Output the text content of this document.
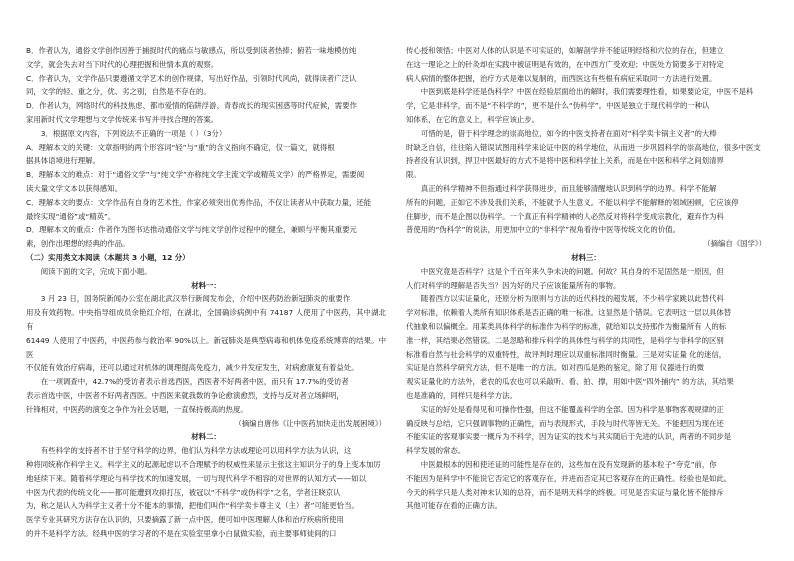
B．作者认为，通俗文学创作因善于捕捉时代的痛点与敏感点，所以受到读者热捧；俯若一味地模仿纯

文学，就会失去对当下时代的心理把握和世情本真的观察。

C．作者认为，文学作品只要遵循文学艺术的创作规律，写出好作品，引领时代风尚，就得读者广泛认

同，文学的轻、重之分，优、劣之别，自然是不存在的。

D．作者认为，网络时代的科技焦虑、都市爱情的陷阱浮游、青春成长的现实困惑等时代症候，需要作

家用新时代文学理想与文学传统来书写并寻找合理的答案。

3．根据原文内容，下列说法不正确的一项是（ ）（3分）

A．理解本文的关键：文章指明的两个形容词“轻”与“重”的含义指向不确定，仅一篇文，就得根

据具体语境进行理解。

B．理解本文的难点：对于“通俗文学”与“纯文学”亦称纯文学主流文学或精英文学）的严格界定，需要阅

读大量文学文本以获得感知。

C．理解本文的要点：文学作品有自身的艺术性，作家必须突出优秀作品，不仅让读者从中获取力量，还能

最终实现“通俗”或“精英”。

D．理解本文的重点：作者作为图书达推动通俗文学与纯文学创作过程中的健全，兼顾与平衡其重要元

素，创作出理想的经典的作品。

（二）实用类文本阅读（本题共 3 小题，12 分）

阅读下面的文字，完成下面小题。

材料一：

3 月 23 日，国务院新闻办公室在湖北武汉举行新闻发布会，介绍中医药防治新冠肺炎的重要作

用及有效药物。中央指导组成员余艳红介绍，在湖北，全国确诊病例中有 74187 人使用了中医药，其中湖北有

61449 人使用了中医药，中医药参与救治率 90%以上。新冠肺炎是典型病毒和机体免疫系统博弈的结果。中医

不仅能有效治疗病毒，还可以通过对机体的调理提高免疫力，减少并发症发生，对病愈康复有着益处。

在一项调查中，42.7%的受访者表示首选西医，西医者不好两者中医，而只有 17.7%的受访者

表示首选中医，中医者不好两者西医。中西医来就我数的争论愈演愈烈，支持与反对者立场鲜明，

针锋相对，中医药的演变之争作为社会话题，一直保持极高的热度。

（摘编自唐伟《让中医药加快走出发展困境》）

材料二：

有些科学的支持者不甘于坚守科学的边界，他们认为科学方法或理论可以用科学方法为认识，这

种将同统称作科学主义。科学主义的起源起虑以不合理赋予的权威性来显示主张这主知识分子的身上变本加厉

地延续下来。随着科学理论与科学技术的加速发展，一切与现代科学不相容的对世界的认知方式——如以

中医为代表的传统文化——都可能遭到攻抑打压，被冠以“不科学”或伪科学”之名，学者汪晓京认

为，称之是认入为科学主义者十分不能本的事情，把他们叫作“科学卖卡尊主义（主）者”可能更恰当。

医学专业其研究方法存在认识的，只要摘露了新一点中医，便可如中医理解人体和治疗疾病所使用

的并不是科学方法。经典中医的学习者的不是在实验室里拿小白鼠做实验，而主要事师徒间的口

传心授和领悟；中医对人体的认识是不可实证的，如解剖学并不能证明经络和穴位的存在，但建立

在这一理论之上的针灸却在实践中被证明是有效的，在中西方广受欢迎；中医处方简要多于对特定

病人病情的整体把握，治疗方式是难以复制的，而西医这有些根有病症采取同一方法进行处置。

中医到底是科学还是伪科学？中医在经验层面给出的解时，我们需要理性看，如果要论定，中医不是科

学，它是非科学，而不是“不科学的”，更不是什么“伪科学”。中医是独立于现代科学的一种认

知体系，在它的意义上，科学应该止步。

可惜的是，借于科学理念的崇高地位，如今的中医支持者在面对“科学卖卡锅主义者”的大棒

时缺乏自信，往往陷入错误试图用科学来论证中医的科学地位，从而进一步巩固科学的崇高地位，很多中医支

持者没有认识到，捍卫中医最好的方式不是将中医和科学扯上关系，而是在中医和科学之间划清界

限。

真正的科学精神不但指通过科学获得进步，而且能够清醒地认识到科学的边界。科学不能解

所有的问题，正如它不涉及我们关系，不能就予人生意义。不能以科学不能解释的领域困顿，它应该停

住脚步，而不是企图以伪科学。一个真正有科学精神的人必然反对将科学变成宗教化，避弃作为科

普使用的“伪科学”的说法，用更加中立的“非科学”视角看待中医等传统文化的价值。

（摘编自《国学》）

材料三：

中医究竟是否科学？这是个千百年来久争未决的问题。何故？其自身的不足固然是一原因，但

人们对科学的理解是否失当？因为好的尺子应该能量所有的事物。

随着西方以实证量化，还原分析为原则与方法的近代科技的超发展，不少科学家跳以此替代科

学对标准，依赖着人类所有知识体系是否正确的唯一标准。这显然是个错误。它表明这一层以具体替

代抽象和以偏概全。用某类具体科学的标准作为科学的标准，就给知以支持那作为衡量所有 人的标

准一样，其结果必然错误。二是忽略和排斥科学的具体性与科学的共同性，是科学与非科学的区别

标准看自然与社会科学的双重特性，故评判时理应以双重标准同时衡量。三是对实证量 化的迷信，

实证是自然科学研究方法，但不是唯一的方法。如对西瓜是熟的鉴定，除了用 仪器进行的微

观实证量化的方法外，老农的瓜农也可以采敲听、看、拍、撑，用如中医“四外捕内” 的方法，其结果

也是准确的，同样只是科学方法。

实证的好处是看得见和可操作性强，但这不能覆盖科学的全部。因为科学是事物客观规律的正

确反映与总结，它只强调事物的正确性，而与表现形式，手段与时代等皆无关。不能把因为现在还

不能实证的客观事实要一概斥为不科学，因为证实的技术与其实随后于先进的认识，两者的不同步是

科学发展的常态。

中医最根本的因和使还证的可能性是存在的，这些加在没有发现新的基本粒子“夸克”前，你

不能因为是科学中不能说它否定它的客观存在，并进而否定其已客观存在的正确性。经验也是如此。

今天的科学只是人类对神末认知的总符，而不是明天科学的终极。可见是否实证与量化皆不能排斥

其他可能存在看的正确方法。
